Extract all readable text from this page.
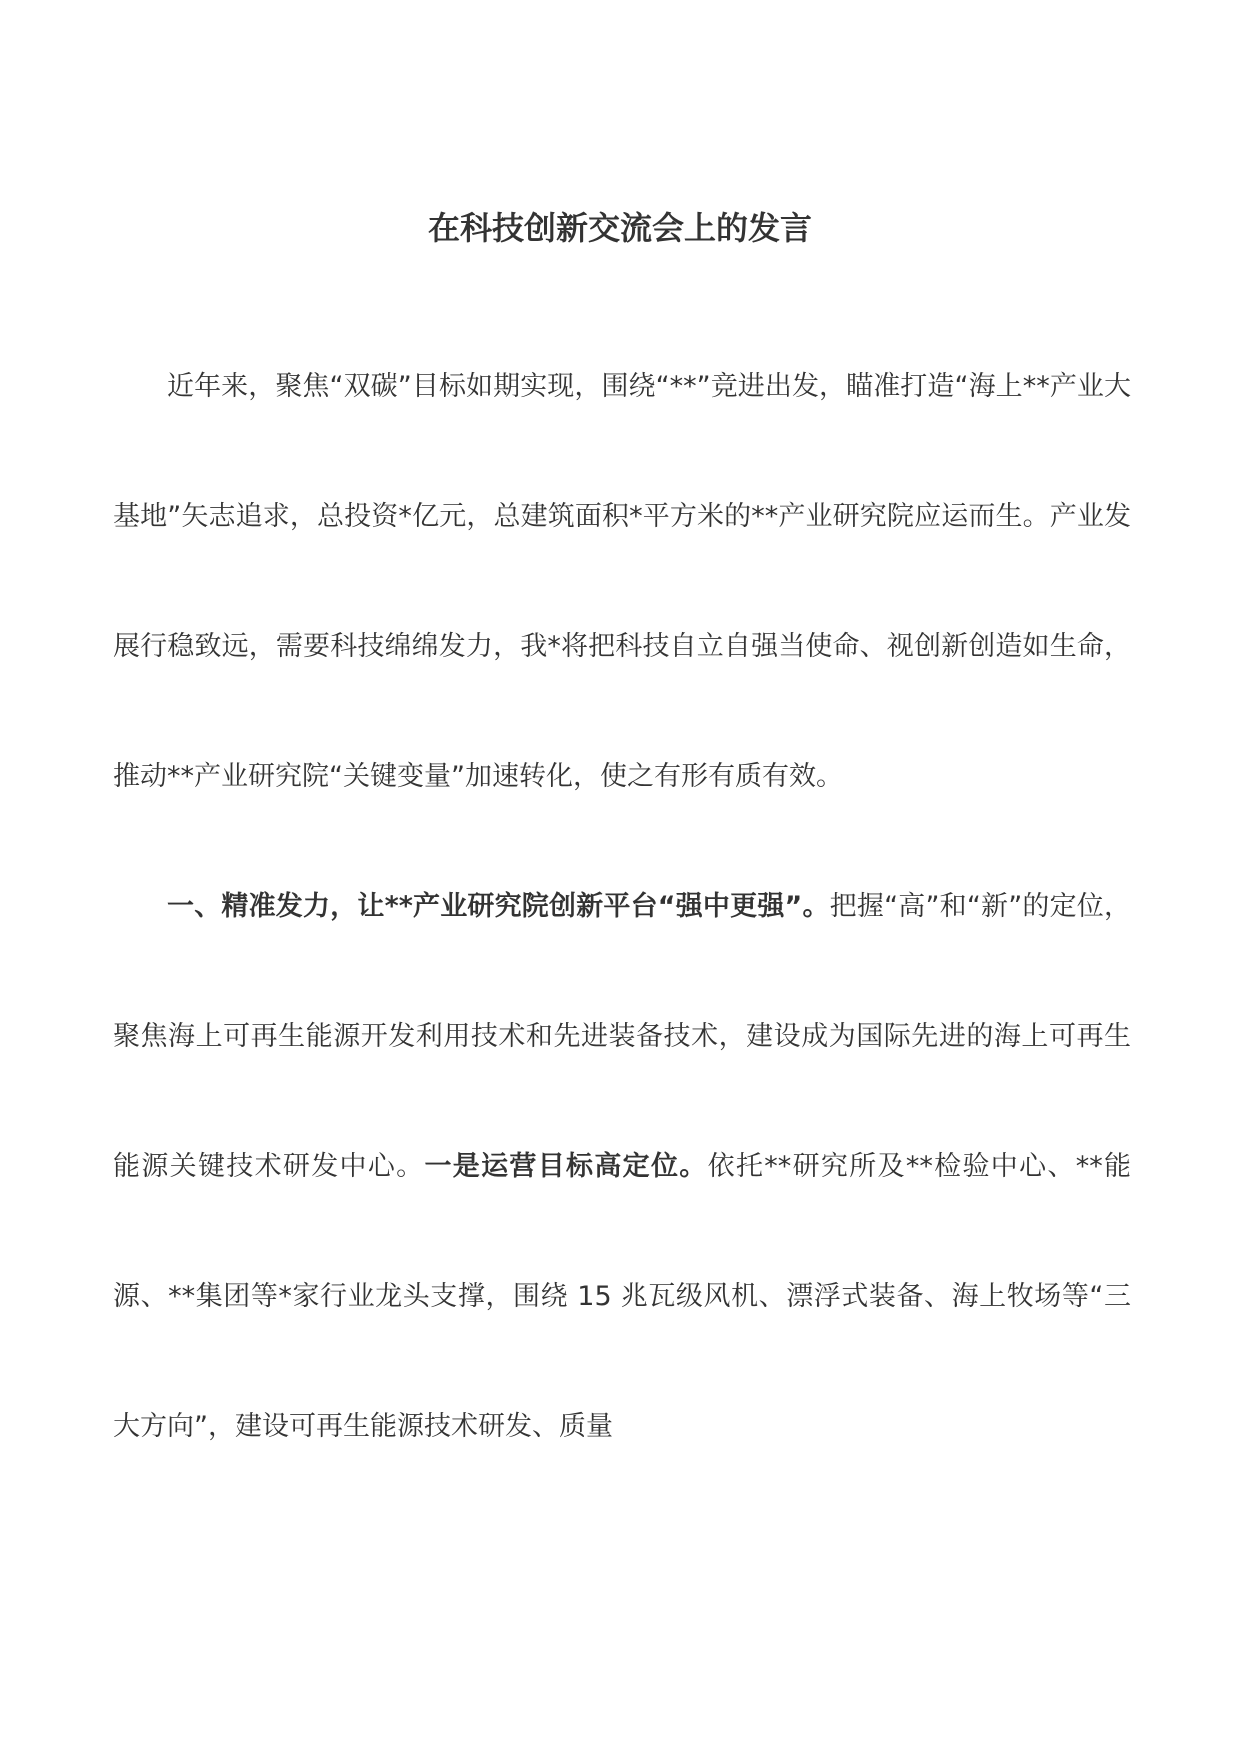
在科技创新交流会上的发言

近年来，聚焦“双碳”目标如期实现，围绕“**”竞进出发，瞄准打造“海上**产业大基地”矢志追求，总投资*亿元，总建筑面积*平方米的**产业研究院应运而生。产业发展行稳致远，需要科技绵绵发力，我*将把科技自立自强当使命、视创新创造如生命，推动**产业研究院“关键变量”加速转化，使之有形有质有效。

一、精准发力，让**产业研究院创新平台“强中更强”。把握“高”和“新”的定位，聚焦海上可再生能源开发利用技术和先进装备技术，建设成为国际先进的海上可再生能源关键技术研发中心。一是运营目标高定位。依托**研究所及**检验中心、**能源、**集团等*家行业龙头支撑，围绕 15 兆瓦级风机、漂浮式装备、海上牧场等“三大方向”，建设可再生能源技术研发、质量
